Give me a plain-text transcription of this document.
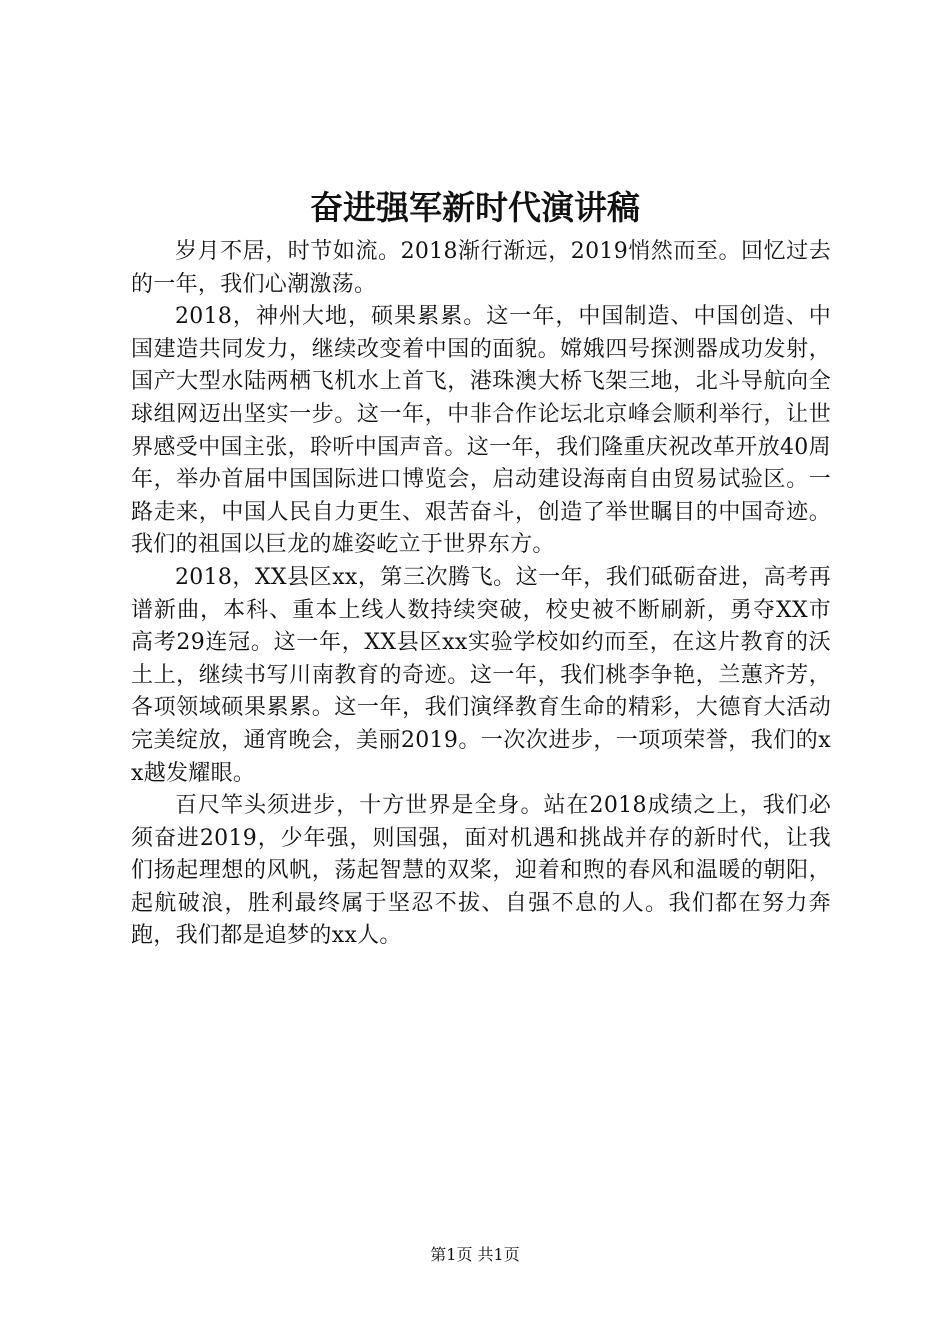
奋进强军新时代演讲稿

岁月不居，时节如流。2018渐行渐远，2019悄然而至。回忆过去的一年，我们心潮激荡。

2018，神州大地，硕果累累。这一年，中国制造、中国创造、中国建造共同发力，继续改变着中国的面貌。嫦娥四号探测器成功发射，国产大型水陆两栖飞机水上首飞，港珠澳大桥飞架三地，北斗导航向全球组网迈出坚实一步。这一年，中非合作论坛北京峰会顺利举行，让世界感受中国主张，聆听中国声音。这一年，我们隆重庆祝改革开放40周年，举办首届中国国际进口博览会，启动建设海南自由贸易试验区。一路走来，中国人民自力更生、艰苦奋斗，创造了举世瞩目的中国奇迹。我们的祖国以巨龙的雄姿屹立于世界东方。

2018，XX县区xx，第三次腾飞。这一年，我们砥砺奋进，高考再谱新曲，本科、重本上线人数持续突破，校史被不断刷新，勇夺XX市高考29连冠。这一年，XX县区xx实验学校如约而至，在这片教育的沃土上，继续书写川南教育的奇迹。这一年，我们桃李争艳，兰蕙齐芳，各项领域硕果累累。这一年，我们演绎教育生命的精彩，大德育大活动完美绽放，通宵晚会，美丽2019。一次次进步，一项项荣誉，我们的xx越发耀眼。

百尺竿头须进步，十方世界是全身。站在2018成绩之上，我们必须奋进2019，少年强，则国强，面对机遇和挑战并存的新时代，让我们扬起理想的风帆，荡起智慧的双桨，迎着和煦的春风和温暖的朝阳，起航破浪，胜利最终属于坚忍不拔、自强不息的人。我们都在努力奔跑，我们都是追梦的xx人。

第1页 共1页
